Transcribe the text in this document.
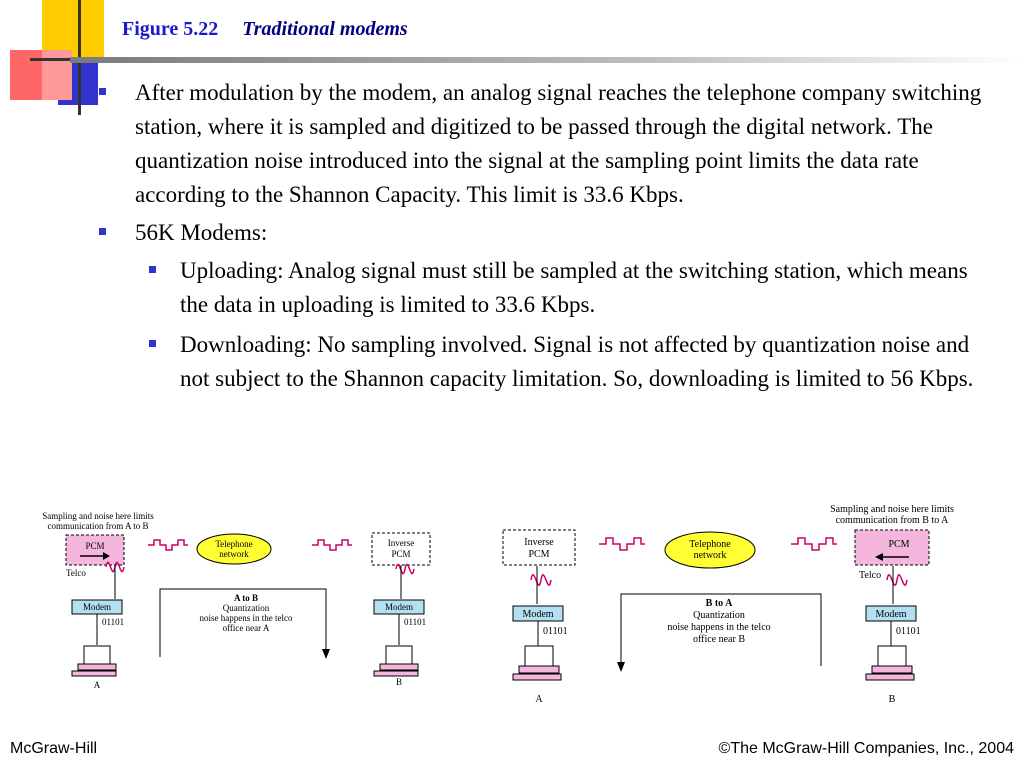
Figure 5.22 Traditional modems

After modulation by the modem, an analog signal reaches the telephone company switching station, where it is sampled and digitized to be passed through the digital network. The quantization noise introduced into the signal at the sampling point limits the data rate according to the Shannon Capacity. This limit is 33.6 Kbps.

56K Modems:

Uploading: Analog signal must still be sampled at the switching station, which means the data in uploading is limited to 33.6 Kbps.

Downloading: No sampling involved. Signal is not affected by quantization noise and not subject to the Shannon capacity limitation. So, downloading is limited to 56 Kbps.

Sampling and noise here limits
communication from A to B
PCM
Telco
Telephone
network
Inverse
PCM
Modem	Modem
01101	01101
A	B
A to B
Quantization
noise happens in the telco
office near A
Sampling and noise here limits
communication from B to A
Inverse
PCM
Telephone
network
PCM
Telco
Modem	Modem
01101	01101
A	B
B to A
Quantization
noise happens in the telco
office near B
McGraw-Hill	©The McGraw-Hill Companies, Inc., 2004
